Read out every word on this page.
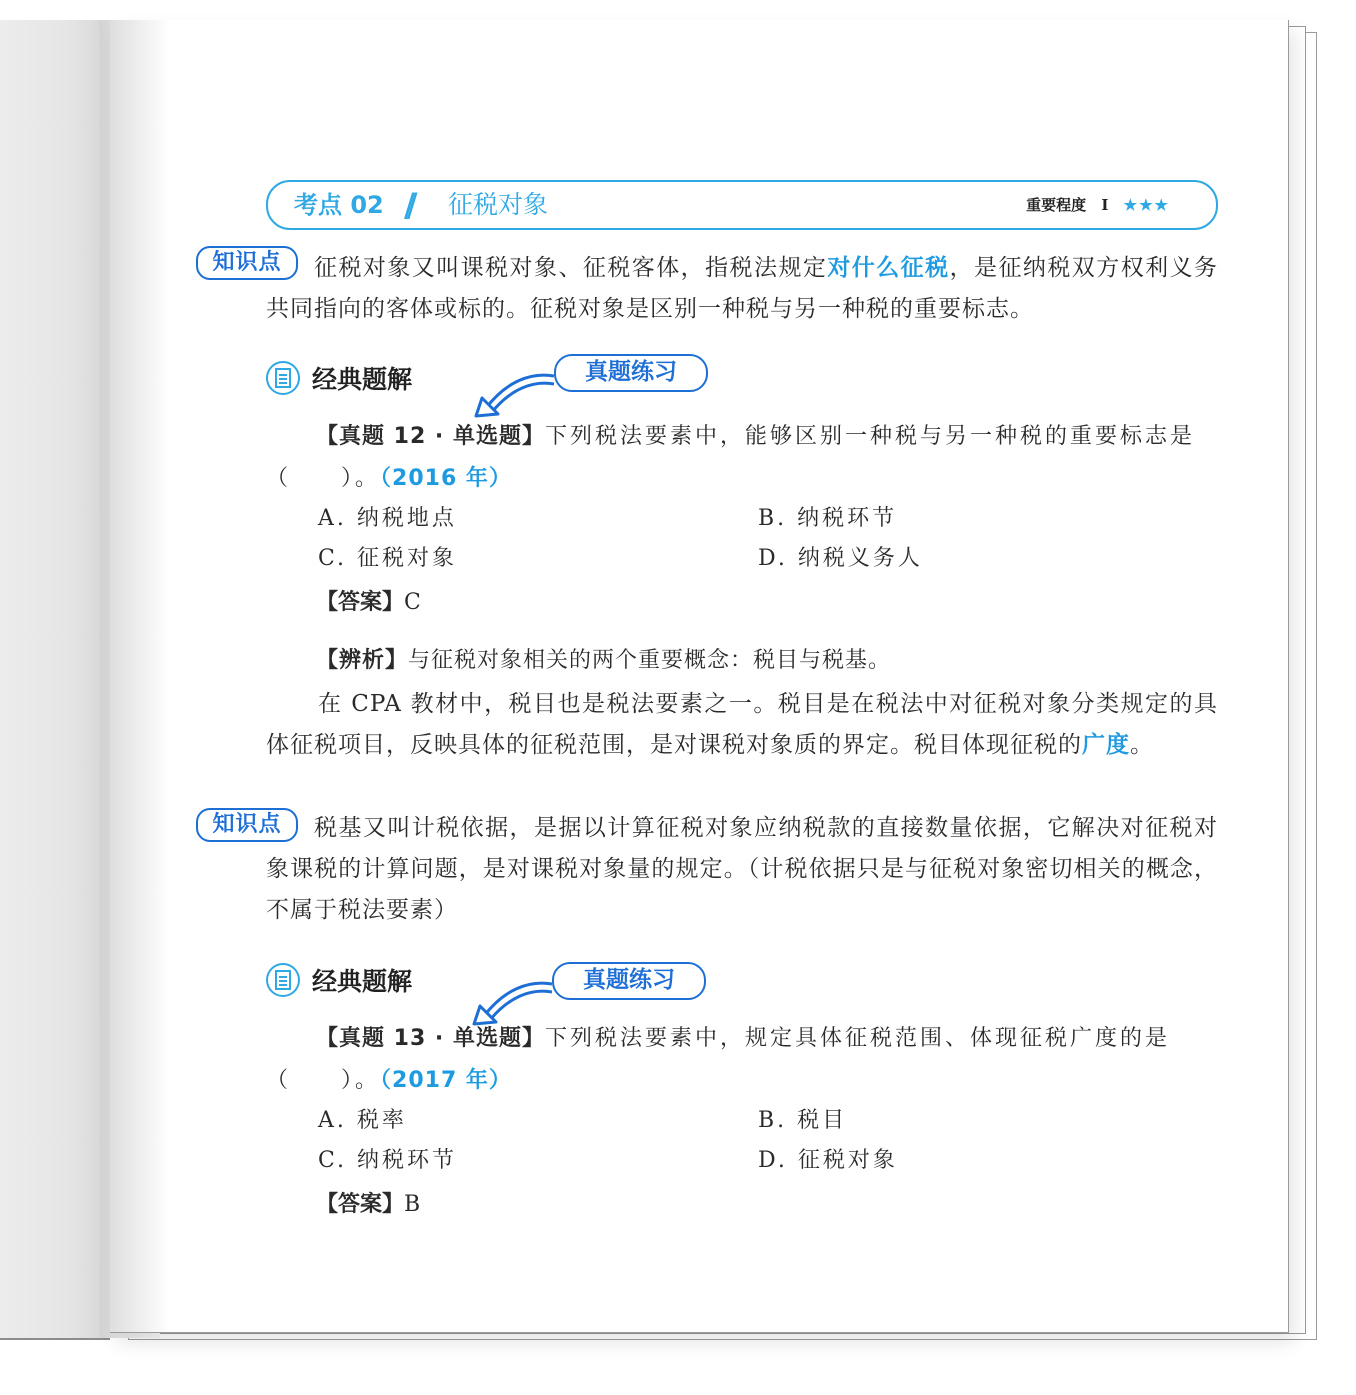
考点 02 // 征税对象	重要程度 I ★★★
知识点	征税对象又叫课税对象、征税客体，指税法规定对什么征税，是征纳税双方权利义务共同指向的客体或标的。征税对象是区别一种税与另一种税的重要标志。
经典题解	真题练习
【真题 12 · 单选题】下列税法要素中，能够区别一种税与另一种税的重要标志是（　　）。（2016 年）
A. 纳税地点	B. 纳税环节
C. 征税对象	D. 纳税义务人
【答案】C
【辨析】与征税对象相关的两个重要概念：税目与税基。
在 CPA 教材中，税目也是税法要素之一。税目是在税法中对征税对象分类规定的具体征税项目，反映具体的征税范围，是对课税对象质的界定。税目体现征税的广度。
知识点	税基又叫计税依据，是据以计算征税对象应纳税款的直接数量依据，它解决对征税对象课税的计算问题，是对课税对象量的规定。（计税依据只是与征税对象密切相关的概念，不属于税法要素）
经典题解	真题练习
【真题 13 · 单选题】下列税法要素中，规定具体征税范围、体现征税广度的是（　　）。（2017 年）
A. 税率	B. 税目
C. 纳税环节	D. 征税对象
【答案】B
